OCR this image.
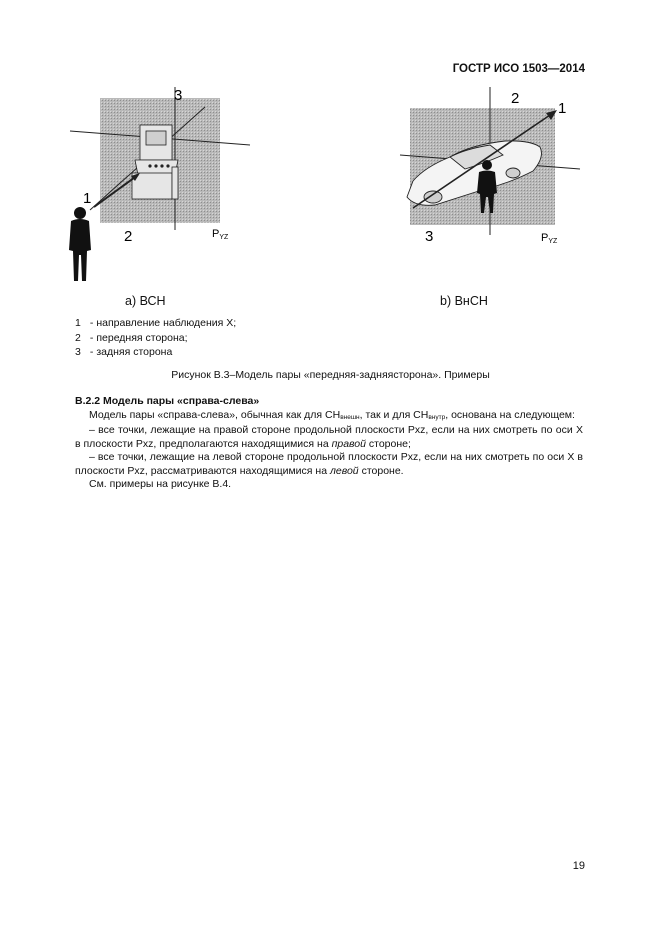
ГОСТР ИСО 1503—2014
3
1
2	PYZ
2
1
3	PYZ
а) ВСН	b) ВнСН
1 - направление наблюдения Х;
2 - передняя сторона;
3 - задняя сторона
Рисунок В.3–Модель пары «передняя-задняясторона». Примеры

В.2.2 Модель пары «справа-слева»

Модель пары «справа-слева», обычная как для $СН_{внешн}$, так и для $СН_{внутр}$, основана на следующем:

– все точки, лежащие на правой стороне продольной плоскости Pxz, если на них смотреть по оси Х в плоскости Pxz, предполагаются находящимися на правой стороне;

– все точки, лежащие на левой стороне продольной плоскости Pxz, если на них смотреть по оси Х в плоскости Pxz, рассматриваются находящимися на левой стороне.

См. примеры на рисунке В.4.

19
